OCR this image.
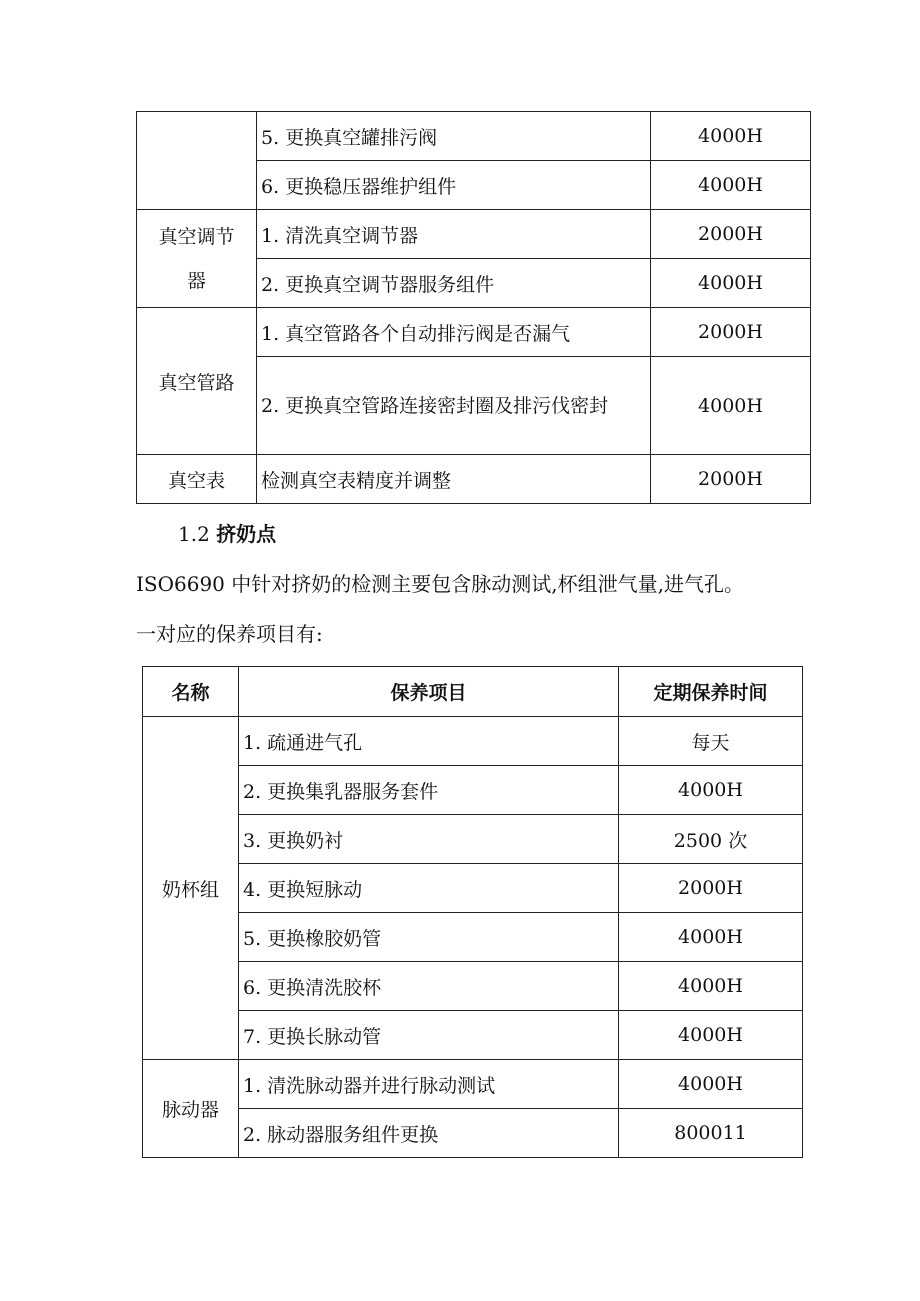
	5. 更换真空罐排污阀	4000H
	6. 更换稳压器维护组件	4000H
真空调节器	1. 清洗真空调节器	2000H
	2. 更换真空调节器服务组件	4000H
真空管路	1. 真空管路各个自动排污阀是否漏气	2000H
	2. 更换真空管路连接密封圈及排污伐密封	4000H
真空表	检测真空表精度并调整	2000H
1.2 挤奶点
ISO6690 中针对挤奶的检测主要包含脉动测试,杯组泄气量,进气孔。
一对应的保养项目有:
名称	保养项目	定期保养时间
奶杯组	1. 疏通进气孔	每天
	2. 更换集乳器服务套件	4000H
	3. 更换奶衬	2500 次
	4. 更换短脉动	2000H
	5. 更换橡胶奶管	4000H
	6. 更换清洗胶杯	4000H
	7. 更换长脉动管	4000H
脉动器	1. 清洗脉动器并进行脉动测试	4000H
	2. 脉动器服务组件更换	800011
